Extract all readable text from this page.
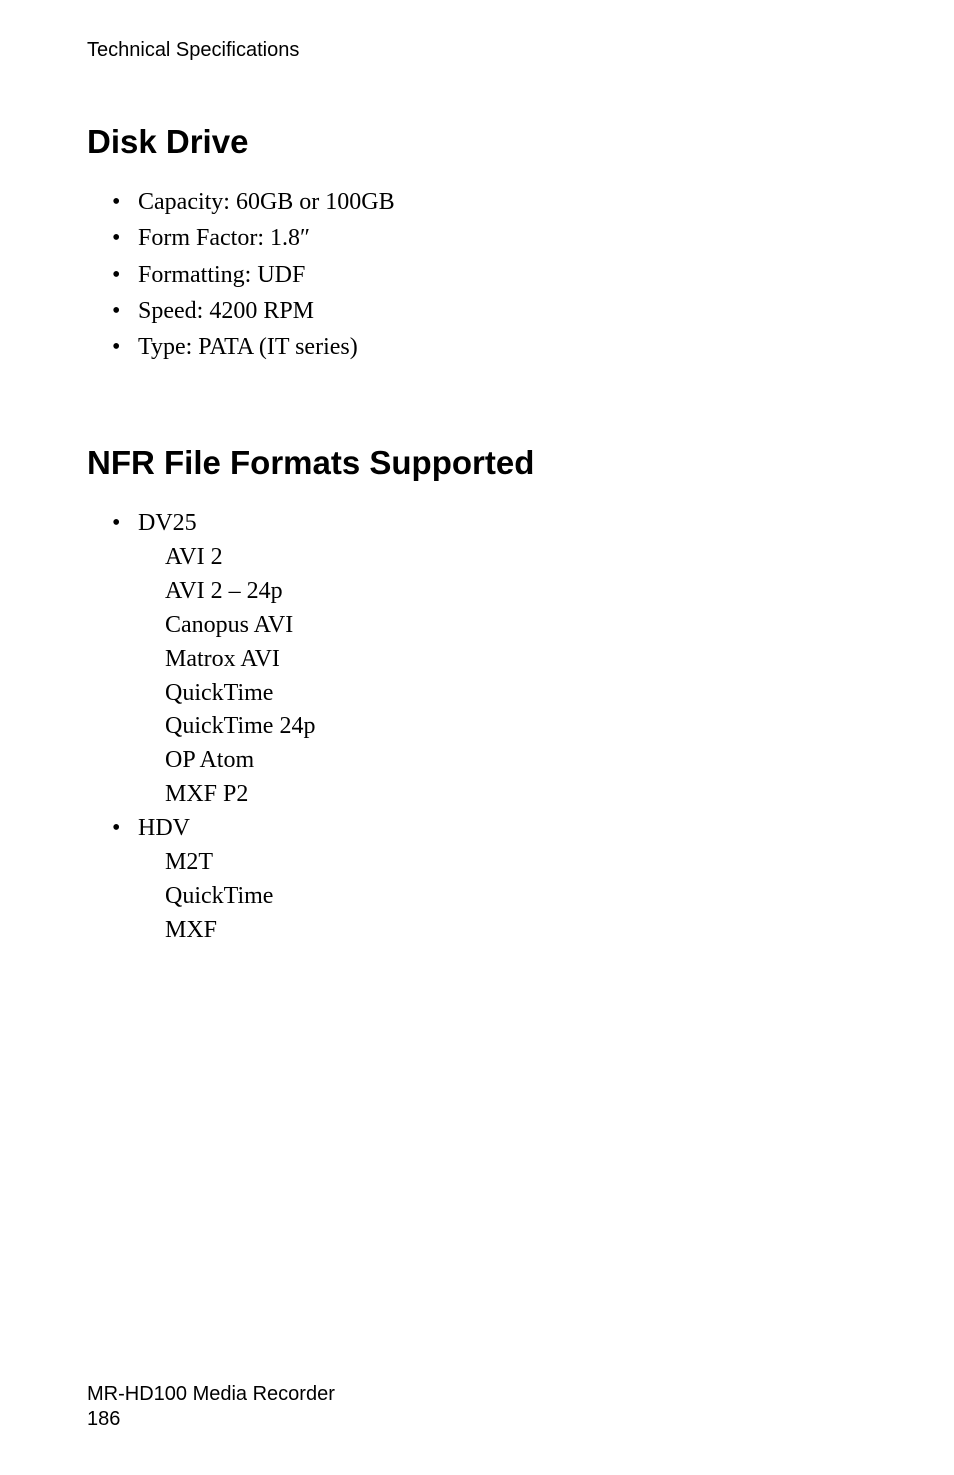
Technical Specifications
Disk Drive
• Capacity: 60GB or 100GB
• Form Factor: 1.8″
• Formatting: UDF
• Speed: 4200 RPM
• Type: PATA (IT series)
NFR File Formats Supported
• DV25
AVI 2
AVI 2 – 24p
Canopus AVI
Matrox AVI
QuickTime
QuickTime 24p
OP Atom
MXF P2
• HDV
M2T
QuickTime
MXF
MR-HD100 Media Recorder
186
